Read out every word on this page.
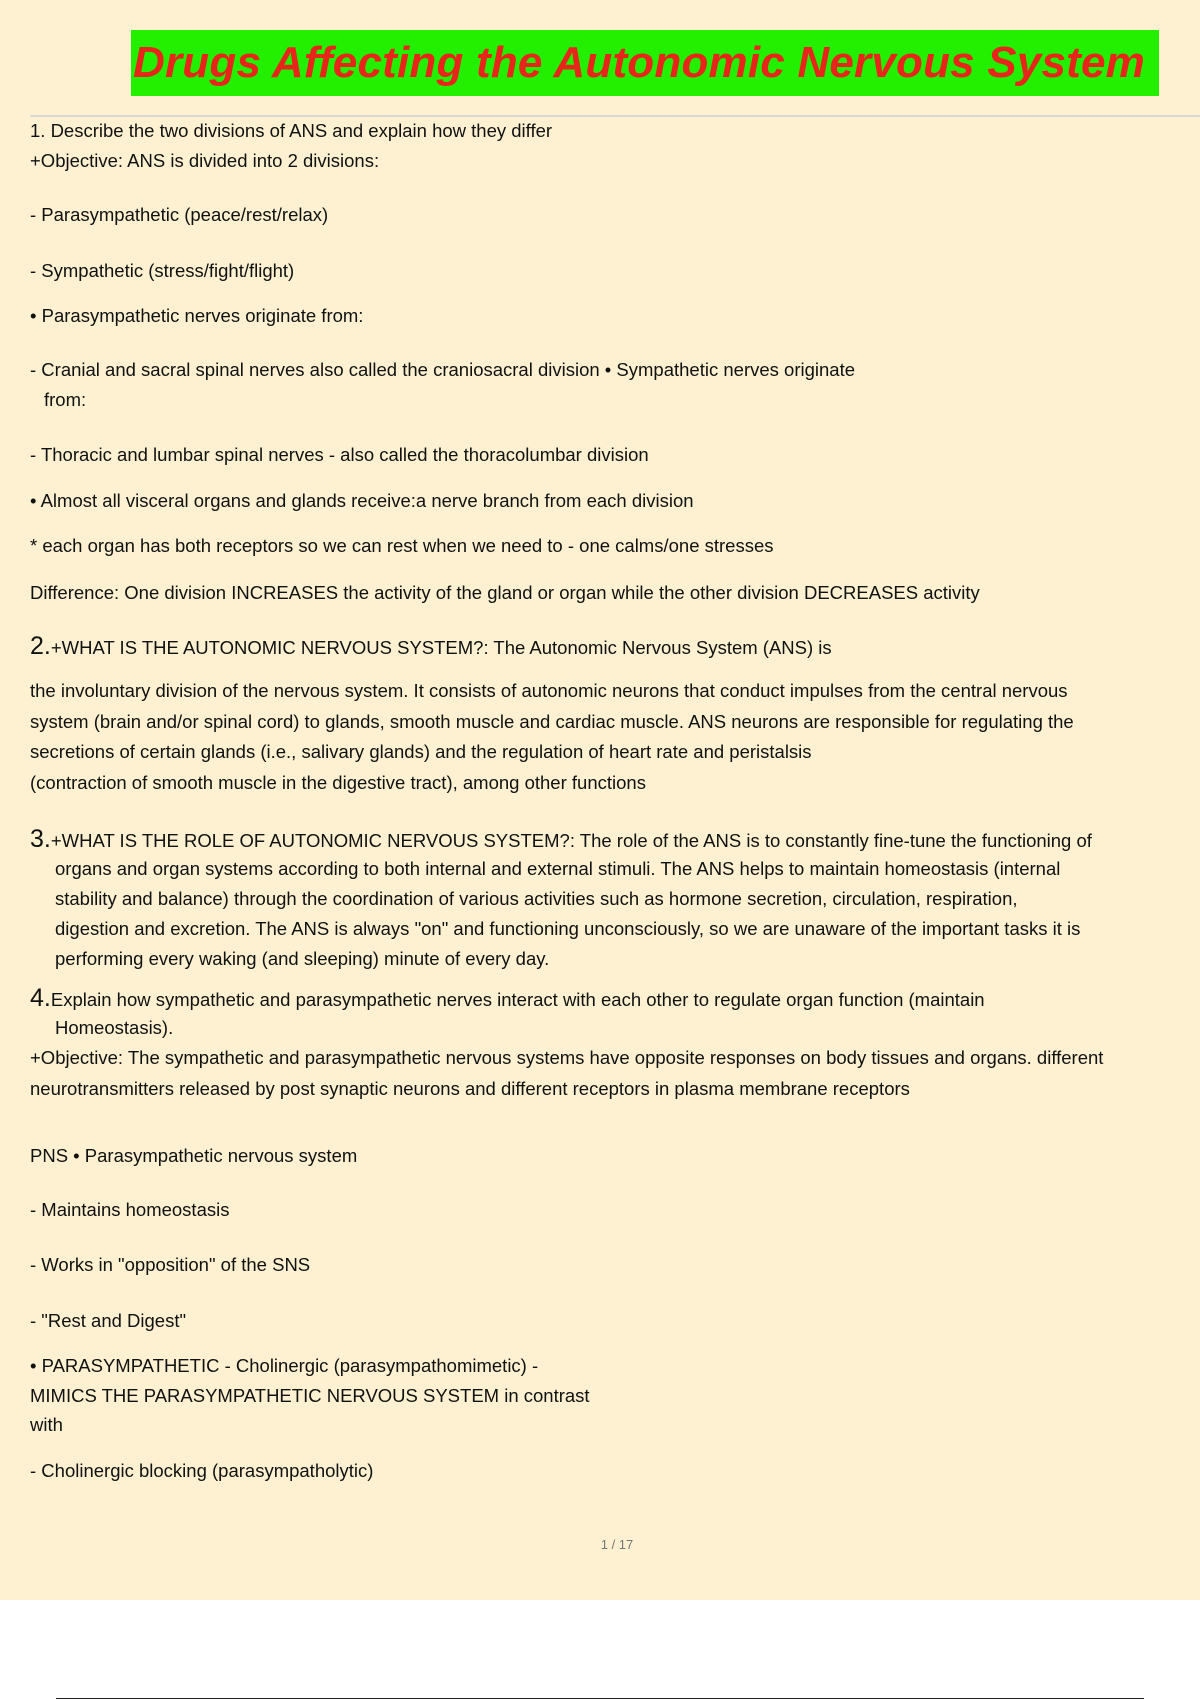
Drugs Affecting the Autonomic Nervous System

1. Describe the two divisions of ANS and explain how they differ

+Objective: ANS is divided into 2 divisions:

- Parasympathetic (peace/rest/relax)

- Sympathetic (stress/fight/flight)

• Parasympathetic nerves originate from:

- Cranial and sacral spinal nerves also called the craniosacral division • Sympathetic nerves originate

from:

- Thoracic and lumbar spinal nerves - also called the thoracolumbar division

• Almost all visceral organs and glands receive:a nerve branch from each division

* each organ has both receptors so we can rest when we need to - one calms/one stresses

Difference: One division INCREASES the activity of the gland or organ while the other division DECREASES activity

2.+WHAT IS THE AUTONOMIC NERVOUS SYSTEM?: The Autonomic Nervous System (ANS) is

the involuntary division of the nervous system. It consists of autonomic neurons that conduct impulses from the central nervous
system (brain and/or spinal cord) to glands, smooth muscle and cardiac muscle. ANS neurons are responsible for regulating the
secretions of certain glands (i.e., salivary glands) and the regulation of heart rate and peristalsis
(contraction of smooth muscle in the digestive tract), among other functions

3.+WHAT IS THE ROLE OF AUTONOMIC NERVOUS SYSTEM?: The role of the ANS is to constantly fine-tune the functioning of

organs and organ systems according to both internal and external stimuli. The ANS helps to maintain homeostasis (internal

stability and balance) through the coordination of various activities such as hormone secretion, circulation, respiration,

digestion and excretion. The ANS is always "on" and functioning unconsciously, so we are unaware of the important tasks it is

performing every waking (and sleeping) minute of every day.

4.Explain how sympathetic and parasympathetic nerves interact with each other to regulate organ function (maintain

Homeostasis).

+Objective: The sympathetic and parasympathetic nervous systems have opposite responses on body tissues and organs. different
neurotransmitters released by post synaptic neurons and different receptors in plasma membrane receptors

PNS • Parasympathetic nervous system

- Maintains homeostasis

- Works in "opposition" of the SNS

- "Rest and Digest"

• PARASYMPATHETIC - Cholinergic (parasympathomimetic) -

MIMICS THE PARASYMPATHETIC NERVOUS SYSTEM in contrast

with

- Cholinergic blocking (parasympatholytic)

1 / 17
